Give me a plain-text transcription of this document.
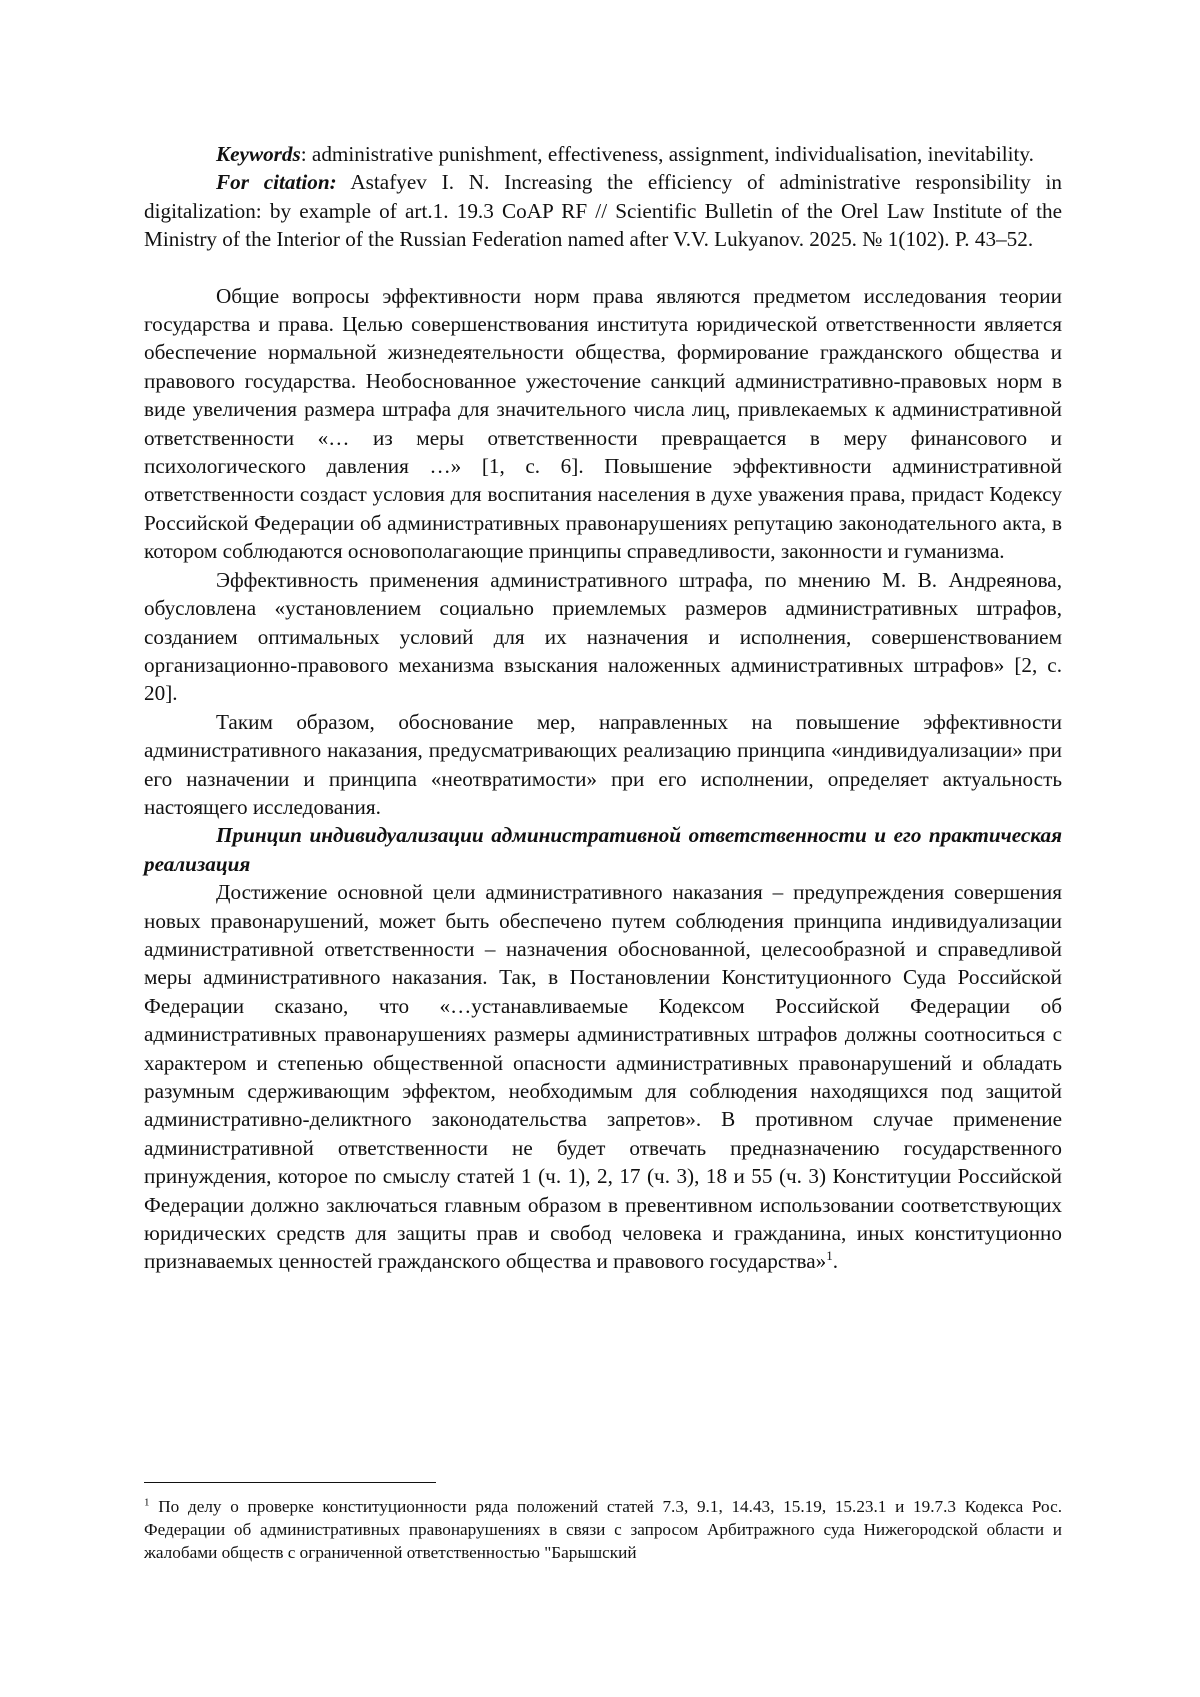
Keywords: administrative punishment, effectiveness, assignment, individualisation, inevitability.

For citation: Astafyev I. N. Increasing the efficiency of administrative responsibility in digitalization: by example of art.1. 19.3 CoAP RF // Scientific Bulletin of the Orel Law Institute of the Ministry of the Interior of the Russian Federation named after V.V. Lukyanov. 2025. № 1(102). P. 43–52.

Общие вопросы эффективности норм права являются предметом исследования теории государства и права. Целью совершенствования института юридической ответственности является обеспечение нормальной жизнедеятельности общества, формирование гражданского общества и правового государства. Необоснованное ужесточение санкций административно-правовых норм в виде увеличения размера штрафа для значительного числа лиц, привлекаемых к административной ответственности «… из меры ответственности превращается в меру финансового и психологического давления …» [1, с. 6]. Повышение эффективности административной ответственности создаст условия для воспитания населения в духе уважения права, придаст Кодексу Российской Федерации об административных правонарушениях репутацию законодательного акта, в котором соблюдаются основополагающие принципы справедливости, законности и гуманизма.

Эффективность применения административного штрафа, по мнению М. В. Андреянова, обусловлена «установлением социально приемлемых размеров административных штрафов, созданием оптимальных условий для их назначения и исполнения, совершенствованием организационно-правового механизма взыскания наложенных административных штрафов» [2, с. 20].

Таким образом, обоснование мер, направленных на повышение эффективности административного наказания, предусматривающих реализацию принципа «индивидуализации» при его назначении и принципа «неотвратимости» при его исполнении, определяет актуальность настоящего исследования.

Принцип индивидуализации административной ответственности и его практическая реализация

Достижение основной цели административного наказания – предупреждения совершения новых правонарушений, может быть обеспечено путем соблюдения принципа индивидуализации административной ответственности – назначения обоснованной, целесообразной и справедливой меры административного наказания. Так, в Постановлении Конституционного Суда Российской Федерации сказано, что «…устанавливаемые Кодексом Российской Федерации об административных правонарушениях размеры административных штрафов должны соотноситься с характером и степенью общественной опасности административных правонарушений и обладать разумным сдерживающим эффектом, необходимым для соблюдения находящихся под защитой административно-деликтного законодательства запретов». В противном случае применение административной ответственности не будет отвечать предназначению государственного принуждения, которое по смыслу статей 1 (ч. 1), 2, 17 (ч. 3), 18 и 55 (ч. 3) Конституции Российской Федерации должно заключаться главным образом в превентивном использовании соответствующих юридических средств для защиты прав и свобод человека и гражданина, иных конституционно признаваемых ценностей гражданского общества и правового государства»$^1$.

$^1$ По делу о проверке конституционности ряда положений статей 7.3, 9.1, 14.43, 15.19, 15.23.1 и 19.7.3 Кодекса Рос. Федерации об административных правонарушениях в связи с запросом Арбитражного суда Нижегородской области и жалобами обществ с ограниченной ответственностью "Барышский
